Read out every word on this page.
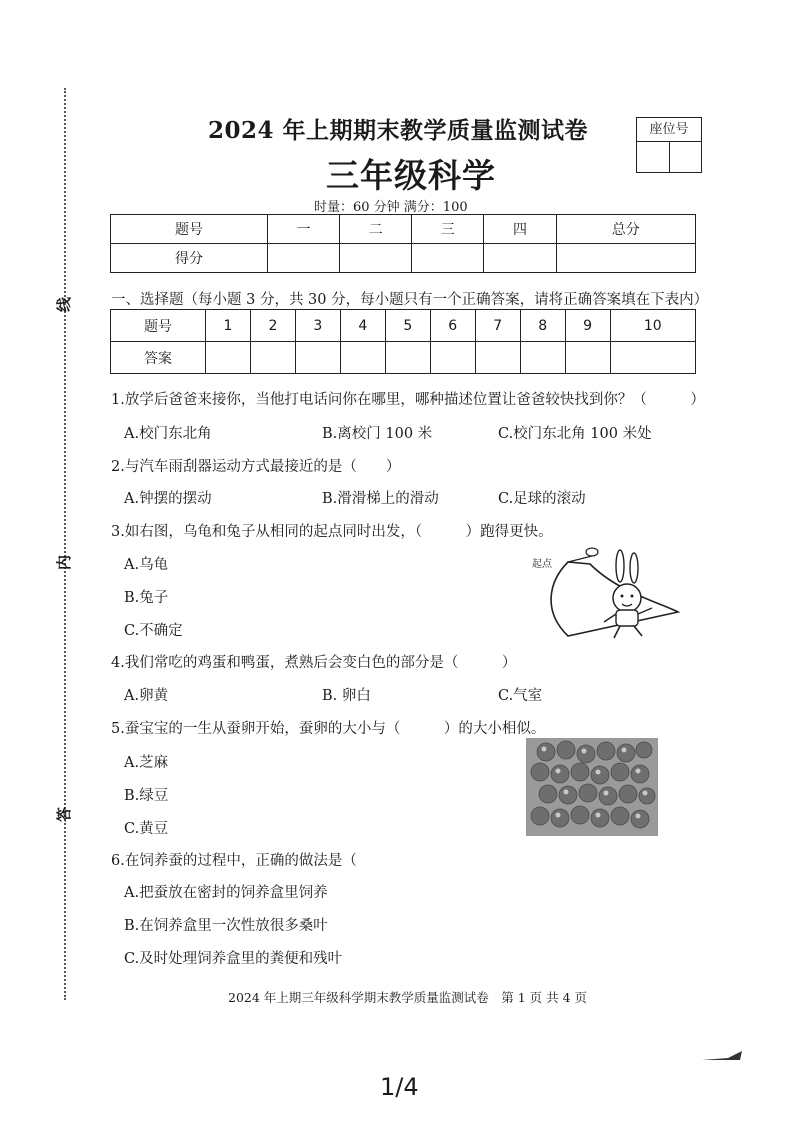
线
内
答
2024 年上期期末教学质量监测试卷
三年级科学
时量：60 分钟 满分：100
座位号
题号	一	二	三	四	总分
得分					
一、选择题（每小题 3 分，共 30 分，每小题只有一个正确答案，请将正确答案填在下表内）
题号	1	2	3	4	5	6	7	8	9	10
答案										
1.放学后爸爸来接你，当他打电话问你在哪里，哪种描述位置让爸爸较快找到你？（　　　）
A.校门东北角	B.离校门 100 米	C.校门东北角 100 米处
2.与汽车雨刮器运动方式最接近的是（　　）
A.钟摆的摆动	B.滑滑梯上的滑动	C.足球的滚动
3.如右图，乌龟和兔子从相同的起点同时出发，（　　　）跑得更快。
A.乌龟
B.兔子
C.不确定
起点
4.我们常吃的鸡蛋和鸭蛋，煮熟后会变白色的部分是（　　　）
A.卵黄	B. 卵白	C.气室
5.蚕宝宝的一生从蚕卵开始，蚕卵的大小与（　　　）的大小相似。
A.芝麻
B.绿豆
C.黄豆
6.在饲养蚕的过程中，正确的做法是（　　
A.把蚕放在密封的饲养盒里饲养
B.在饲养盒里一次性放很多桑叶
C.及时处理饲养盒里的粪便和残叶
2024 年上期三年级科学期末教学质量监测试卷　第 1 页 共 4 页
1/4
